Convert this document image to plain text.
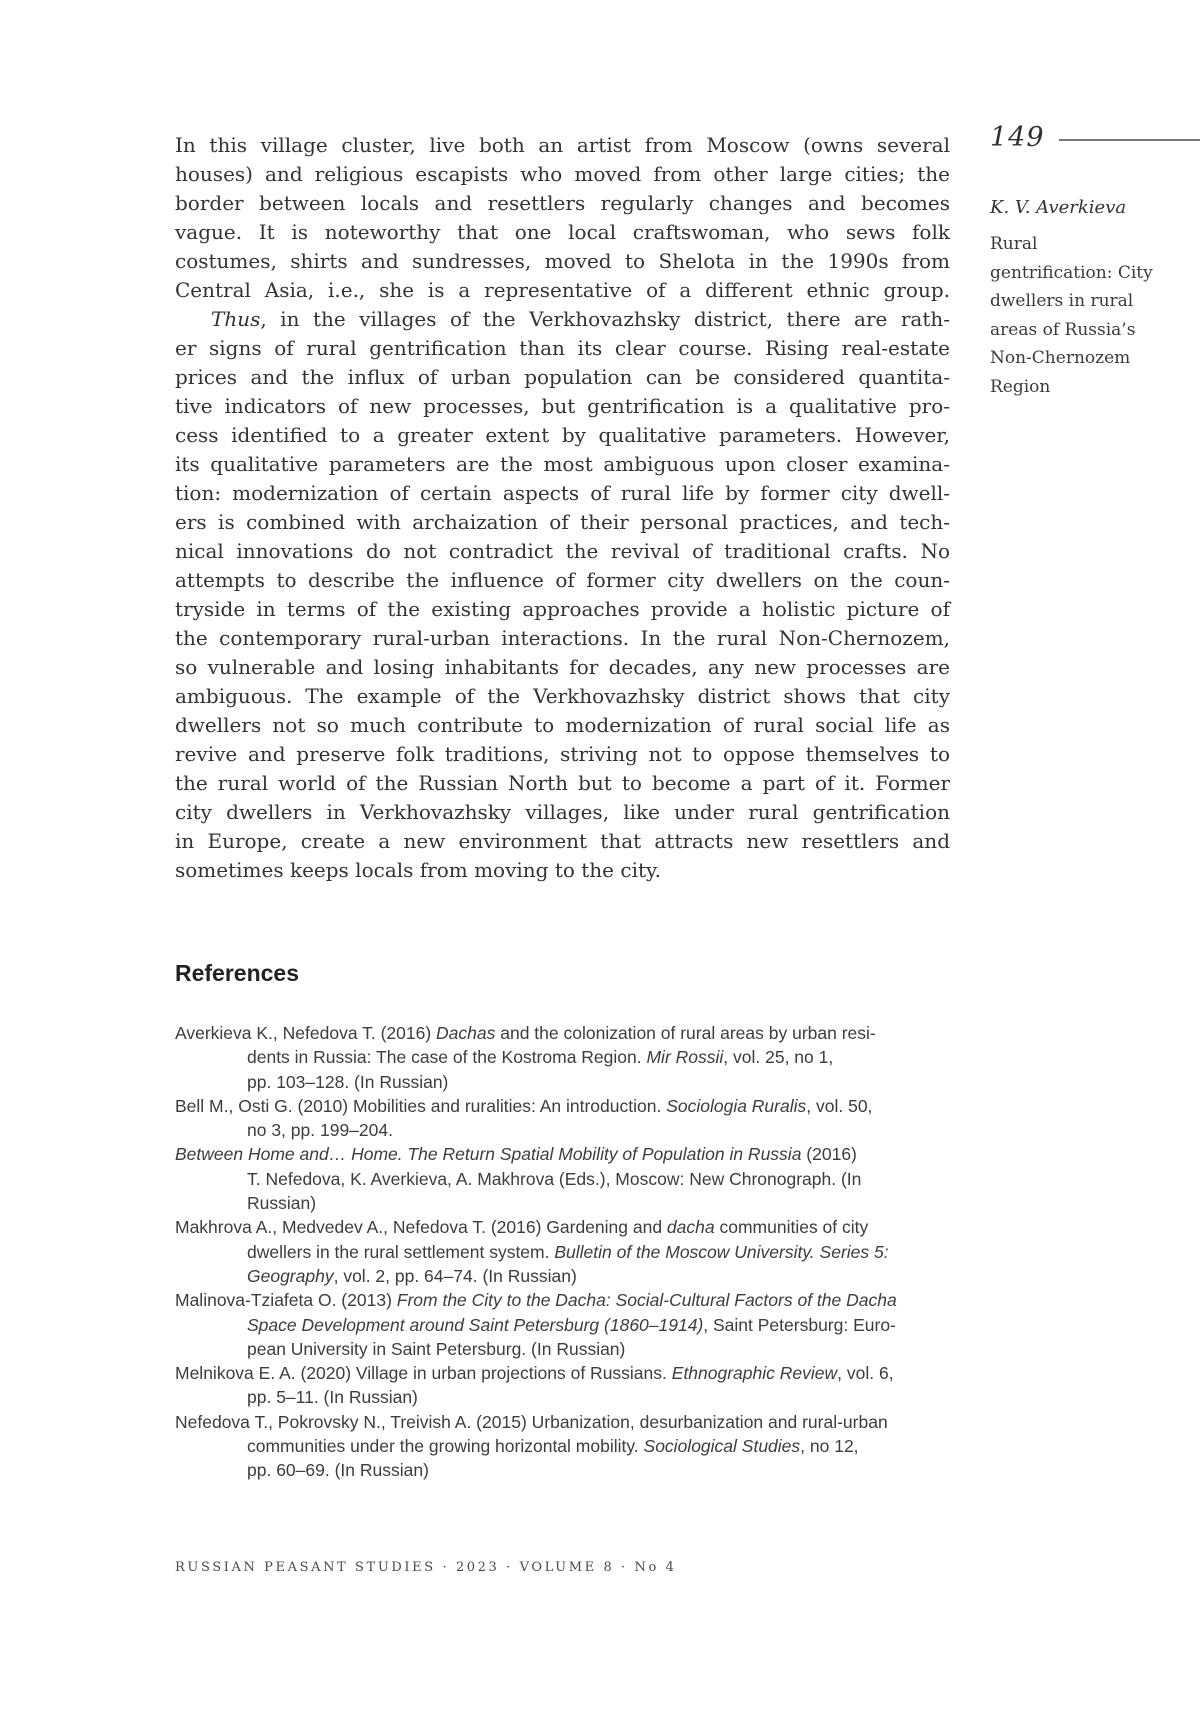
In this village cluster, live both an artist from Moscow (owns several
houses) and religious escapists who moved from other large cities; the
border between locals and resettlers regularly changes and becomes
vague. It is noteworthy that one local craftswoman, who sews folk
costumes, shirts and sundresses, moved to Shelota in the 1990s from
Central Asia, i.e., she is a representative of a different ethnic group.
Thus, in the villages of the Verkhovazhsky district, there are rath-
er signs of rural gentrification than its clear course. Rising real-estate
prices and the influx of urban population can be considered quantita-
tive indicators of new processes, but gentrification is a qualitative pro-
cess identified to a greater extent by qualitative parameters. However,
its qualitative parameters are the most ambiguous upon closer examina-
tion: modernization of certain aspects of rural life by former city dwell-
ers is combined with archaization of their personal practices, and tech-
nical innovations do not contradict the revival of traditional crafts. No
attempts to describe the influence of former city dwellers on the coun-
tryside in terms of the existing approaches provide a holistic picture of
the contemporary rural-urban interactions. In the rural Non-Chernozem,
so vulnerable and losing inhabitants for decades, any new processes are
ambiguous. The example of the Verkhovazhsky district shows that city
dwellers not so much contribute to modernization of rural social life as
revive and preserve folk traditions, striving not to oppose themselves to
the rural world of the Russian North but to become a part of it. Former
city dwellers in Verkhovazhsky villages, like under rural gentrification
in Europe, create a new environment that attracts new resettlers and
sometimes keeps locals from moving to the city.
149
K. V. Averkieva
Rural
gentrification: City
dwellers in rural
areas of Russia’s
Non-Chernozem
Region
References
Averkieva K., Nefedova T. (2016) Dachas and the colonization of rural areas by urban resi-
dents in Russia: The case of the Kostroma Region. Mir Rossii, vol. 25, no 1,
pp. 103–128. (In Russian)
Bell M., Osti G. (2010) Mobilities and ruralities: An introduction. Sociologia Ruralis, vol. 50,
no 3, pp. 199–204.
Between Home and… Home. The Return Spatial Mobility of Population in Russia (2016)
T. Nefedova, K. Averkieva, A. Makhrova (Eds.), Moscow: New Chronograph. (In
Russian)
Makhrova A., Medvedev A., Nefedova T. (2016) Gardening and dacha communities of city
dwellers in the rural settlement system. Bulletin of the Moscow University. Series 5:
Geography, vol. 2, pp. 64–74. (In Russian)
Malinova-Tziafeta O. (2013) From the City to the Dacha: Social-Cultural Factors of the Dacha
Space Development around Saint Petersburg (1860–1914), Saint Petersburg: Euro-
pean University in Saint Petersburg. (In Russian)
Melnikova E. A. (2020) Village in urban projections of Russians. Ethnographic Review, vol. 6,
pp. 5–11. (In Russian)
Nefedova T., Pokrovsky N., Treivish A. (2015) Urbanization, desurbanization and rural-urban
communities under the growing horizontal mobility. Sociological Studies, no 12,
pp. 60–69. (In Russian)
RUSSIAN PEASANT STUDIES · 2023 · VOLUME 8 · No 4
